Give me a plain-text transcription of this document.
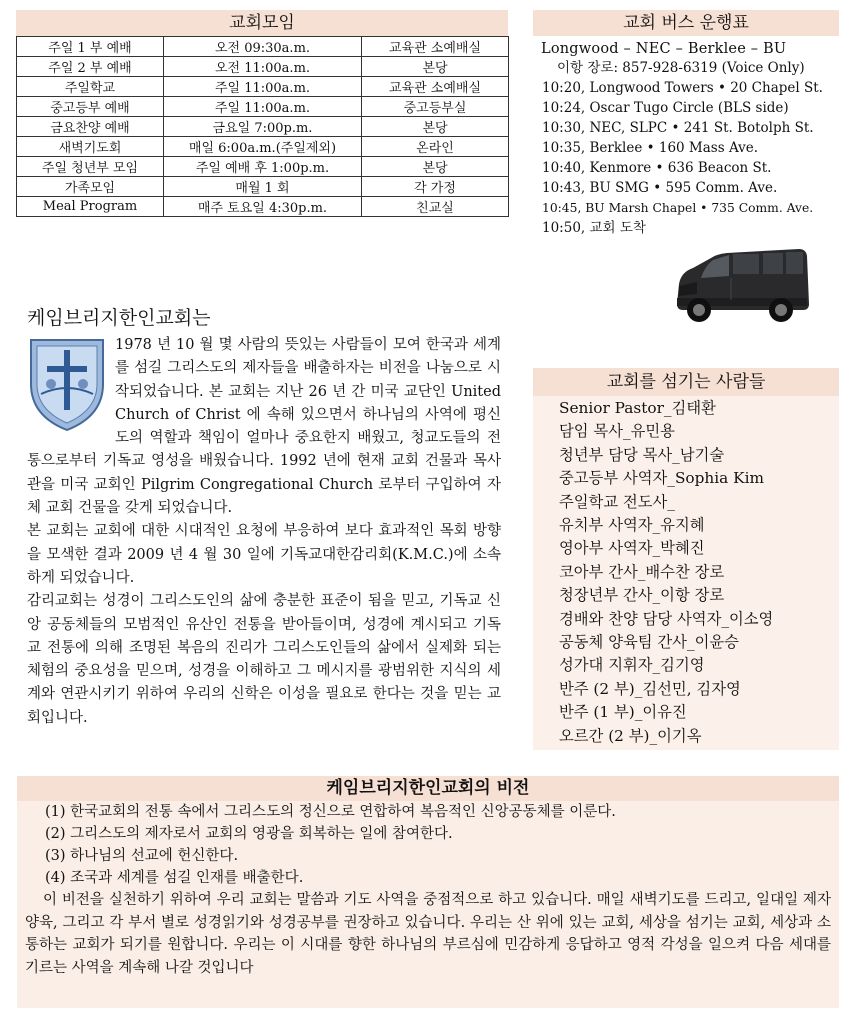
교회모임
주일 1 부 예배	오전 09:30a.m.	교육관 소예배실
주일 2 부 예배	오전 11:00a.m.	본당
주일학교	주일 11:00a.m.	교육관 소예배실
중고등부 예배	주일 11:00a.m.	중고등부실
금요찬양 예배	금요일 7:00p.m.	본당
새벽기도회	매일 6:00a.m.(주일제외)	온라인
주일 청년부 모임	주일 예배 후 1:00p.m.	본당
가족모임	매월 1 회	각 가정
Meal Program	매주 토요일 4:30p.m.	친교실
교회 버스 운행표
Longwood – NEC – Berklee – BU
이항 장로: 857-928-6319 (Voice Only)
10:20, Longwood Towers • 20 Chapel St.
10:24, Oscar Tugo Circle (BLS side)
10:30, NEC, SLPC • 241 St. Botolph St.
10:35, Berklee • 160 Mass Ave.
10:40, Kenmore • 636 Beacon St.
10:43, BU SMG • 595 Comm. Ave.
10:45, BU Marsh Chapel • 735 Comm. Ave.
10:50, 교회 도착
케임브리지한인교회는

1978 년 10 월 몇 사람의 뜻있는 사람들이 모여 한국과 세계를 섬길 그리스도의 제자들을 배출하자는 비전을 나눔으로 시작되었습니다. 본 교회는 지난 26 년 간 미국 교단인 United Church of Christ 에 속해 있으면서 하나님의 사역에 평신도의 역할과 책임이 얼마나 중요한지 배웠고, 청교도들의 전통으로부터 기독교 영성을 배웠습니다. 1992 년에 현재 교회 건물과 목사관을 미국 교회인 Pilgrim Congregational Church 로부터 구입하여 자체 교회 건물을 갖게 되었습니다.

본 교회는 교회에 대한 시대적인 요청에 부응하여 보다 효과적인 목회 방향을 모색한 결과 2009 년 4 월 30 일에 기독교대한감리회(K.M.C.)에 소속하게 되었습니다.

감리교회는 성경이 그리스도인의 삶에 충분한 표준이 됨을 믿고, 기독교 신앙 공동체들의 모범적인 유산인 전통을 받아들이며, 성경에 계시되고 기독교 전통에 의해 조명된 복음의 진리가 그리스도인들의 삶에서 실제화 되는 체험의 중요성을 믿으며, 성경을 이해하고 그 메시지를 광범위한 지식의 세계와 연관시키기 위하여 우리의 신학은 이성을 필요로 한다는 것을 믿는 교회입니다.

교회를 섬기는 사람들
Senior Pastor_김태환
담임 목사_유민용
청년부 담당 목사_남기술
중고등부 사역자_Sophia Kim
주일학교 전도사_
유치부 사역자_유지혜
영아부 사역자_박혜진
코아부 간사_배수찬 장로
청장년부 간사_이항 장로
경배와 찬양 담당 사역자_이소영
공동체 양육팀 간사_이윤승
성가대 지휘자_김기영
반주 (2 부)_김선민, 김자영
반주 (1 부)_이유진
오르간 (2 부)_이기옥
케임브리지한인교회의 비전
(1) 한국교회의 전통 속에서 그리스도의 정신으로 연합하여 복음적인 신앙공동체를 이룬다.
(2) 그리스도의 제자로서 교회의 영광을 회복하는 일에 참여한다.
(3) 하나님의 선교에 헌신한다.
(4) 조국과 세계를 섬길 인재를 배출한다.
이 비전을 실천하기 위하여 우리 교회는 말씀과 기도 사역을 중점적으로 하고 있습니다. 매일 새벽기도를 드리고, 일대일 제자 양육, 그리고 각 부서 별로 성경읽기와 성경공부를 권장하고 있습니다. 우리는 산 위에 있는 교회, 세상을 섬기는 교회, 세상과 소통하는 교회가 되기를 원합니다. 우리는 이 시대를 향한 하나님의 부르심에 민감하게 응답하고 영적 각성을 일으켜 다음 세대를 기르는 사역을 계속해 나갈 것입니다
